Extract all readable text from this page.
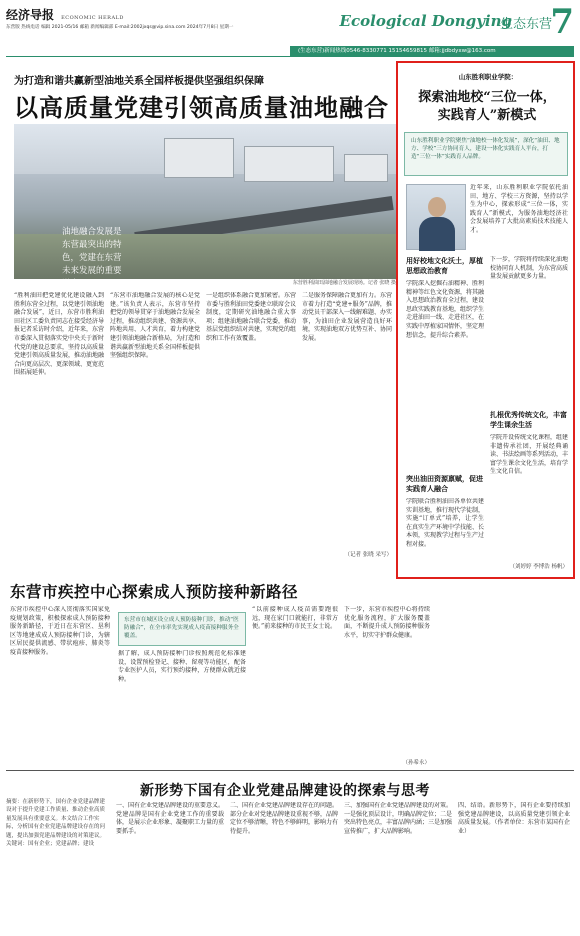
经济导报 ECONOMIC HERALD
东营版 热线电话 编辑 2021-05/16 邮箱 新闻编辑部 E-mail:2002jxqs@vip.sina.com 2024年7月8日 星期一	Ecological Dongying
生态东营
7
(生态东营)新闻热线0546-8330771 15154659815 邮箱:jjdbdyxw@163.com
为打造和谐共赢新型油地关系全国样板提供坚强组织保障
以高质量党建引领高质量油地融合
油地融合发展是东营最突出的特色，党建在东营未来发展的重要潜力	东营胜利油田油地融合发展现场。记者 张晓 摄
“胜利油田把党建优化建设融入到胜利东营全过程，以党建引领油地融合发展”，近日，东营市胜利油田社区工委负责同志在接受经济导报记者采访时介绍，近年来，东营市委深入贯彻落实党中央关于新时代党的建设总要求，坚持以高质量党建引领高质量发展，推动油地融合向更高层次、更深领域、更宽范围拓展延伸。
“东营市油地融合发展的核心是党建。”该负责人表示，东营市坚持把党的领导贯穿于油地融合发展全过程，推动组织共建、资源共享、阵地共用、人才共育，着力构建党建引领油地融合新格局，为打造和谐共赢新型油地关系全国样板提供坚强组织保障。
一是组织体系融合更加紧密。东营市委与胜利油田党委建立联席会议制度，定期研究油地融合重大事项；组建油地融合联合党委，推动基层党组织结对共建，实现党的组织和工作有效覆盖。
二是服务保障融合更加有力。东营市着力打造“党建+服务”品牌，推动党员干部深入一线解难题、办实事，为油田企业发展营造良好环境，实现油地双方优势互补、协同发展。
（记者 张晓 采写）
山东胜利职业学院：
探索油地校“三位一体，
实践育人”新模式
山东胜利职业学院聚焦“油地校一体化发展”，深化“油田、地方、学校”三方协同育人，建设一体化实践育人平台，打造“三位一体”实践育人品牌。
近年来，山东胜利职业学院依托油田、地方、学校三方资源，坚持以学生为中心，探索形成“三位一体，实践育人”新模式，为服务油地经济社会发展培养了大批高素质技术技能人才。
用好校地文化沃土，厚植思想政治教育
学院深入挖掘石油精神、胜利精神等红色文化资源，将其融入思想政治教育全过程，建设思政实践教育基地，组织学生走进油田一线、走进社区，在实践中厚植家国情怀，坚定理想信念，提升综合素养。
突出油田资源禀赋，促进实践育人融合
学院联合胜利油田各单位共建实训基地，推行现代学徒制，实施“订单式”培养，让学生在真实生产环境中学技能、长本领，实现教学过程与生产过程对接。
下一步，学院将持续深化油地校协同育人机制，为东营高质量发展贡献更多力量。
扎根优秀传统文化，丰富学生课余生活
学院开设传统文化课程，组建非遗传承社团，开展经典诵读、书法绘画等系列活动，丰富学生课余文化生活，培育学生文化自信。
（刘婷婷 李博浩 杨帆）
东营市疾控中心探索成人预防接种新路径
东营市疾控中心深入贯彻落实国家免疫规划政策，积极探索成人预防接种服务新路径，于近日在东营区、垦利区等地建成成人预防接种门诊，为辖区居民提供流感、带状疱疹、肺炎等疫苗接种服务。
东营市在城区设立成人预防接种门诊，推动“医防融合”，在全市率先实现成人疫苗接种服务全覆盖。
据了解，成人预防接种门诊按照规范化标准建设，设置预检登记、接种、留观等功能区，配备专业医护人员，实行预约接种，方便群众就近接种。
“以前接种成人疫苗需要跑很远，现在家门口就能打，非常方便。”前来接种的市民王女士说。
下一步，东营市疾控中心将持续优化服务流程，扩大服务覆盖面，不断提升成人预防接种服务水平，切实守护群众健康。
（孙希永）
新形势下国有企业党建品牌建设的探索与思考
摘要：在新形势下，国有企业党建品牌建设对于提升党建工作质量、推动企业高质量发展具有重要意义。本文结合工作实际，分析国有企业党建品牌建设存在的问题，提出加强党建品牌建设的对策建议。关键词：国有企业；党建品牌；建设
一、国有企业党建品牌建设的重要意义。党建品牌是国有企业党建工作的重要载体，是展示企业形象、凝聚职工力量的重要抓手。
二、国有企业党建品牌建设存在的问题。部分企业对党建品牌建设重视不够，品牌定位不够清晰，特色不够鲜明，影响力有待提升。
三、加强国有企业党建品牌建设的对策。一是强化顶层设计，明确品牌定位；二是突出特色亮点，丰富品牌内涵；三是加强宣传推广，扩大品牌影响。
四、结语。新形势下，国有企业要持续加强党建品牌建设，以高质量党建引领企业高质量发展。（作者单位：东营市某国有企业）
